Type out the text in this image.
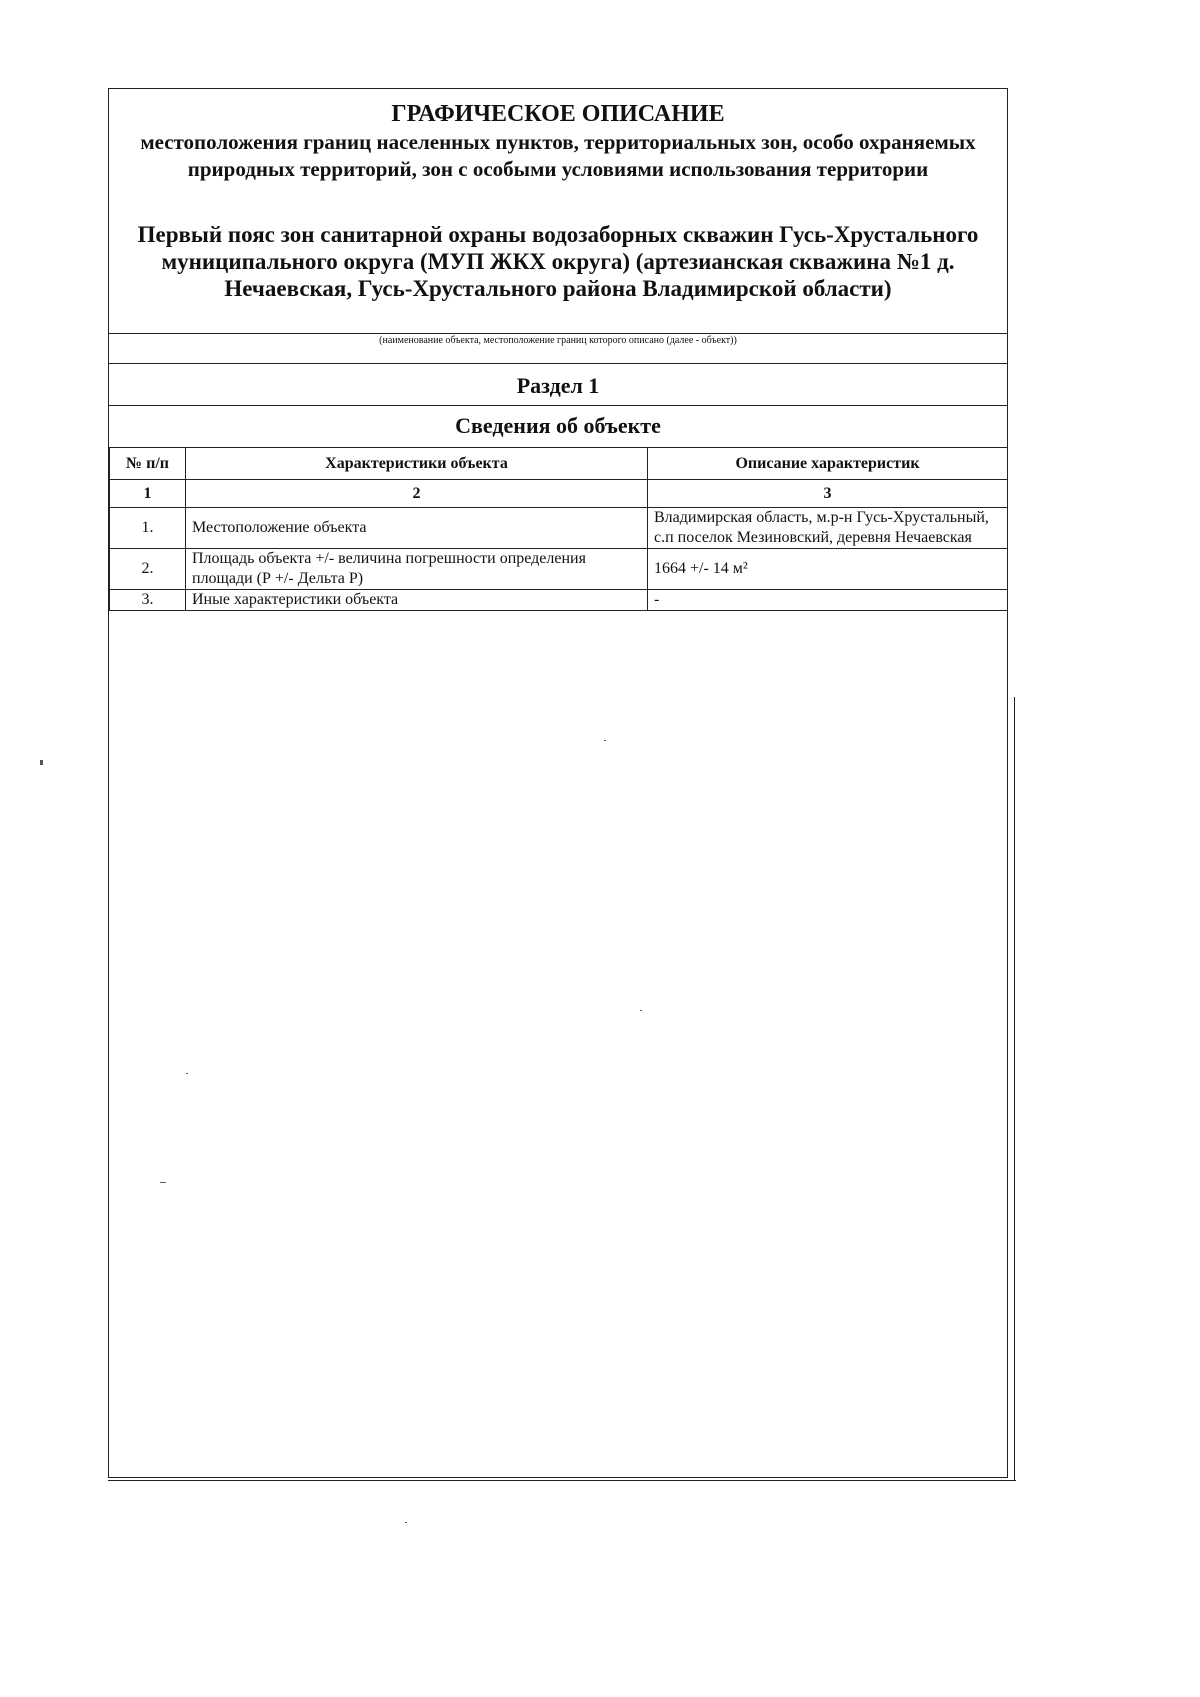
ГРАФИЧЕСКОЕ ОПИСАНИЕ
местоположения границ населенных пунктов, территориальных зон, особо охраняемых природных территорий, зон с особыми условиями использования территории
Первый пояс зон санитарной охраны водозаборных скважин Гусь-Хрустального муниципального округа (МУП ЖКХ округа) (артезианская скважина №1 д. Нечаевская, Гусь-Хрустального района Владимирской области)
(наименование объекта, местоположение границ которого описано (далее - объект))
Раздел 1
Сведения об объекте
№ п/п	Характеристики объекта	Описание характеристик
1	2	3
1.	Местоположение объекта	Владимирская область, м.р-н Гусь-Хрустальный, с.п поселок Мезиновский, деревня Нечаевская
2.	Площадь объекта +/- величина погрешности определения площади (Р +/- Дельта Р)	1664 +/- 14 м²
3.	Иные характеристики объекта	-
